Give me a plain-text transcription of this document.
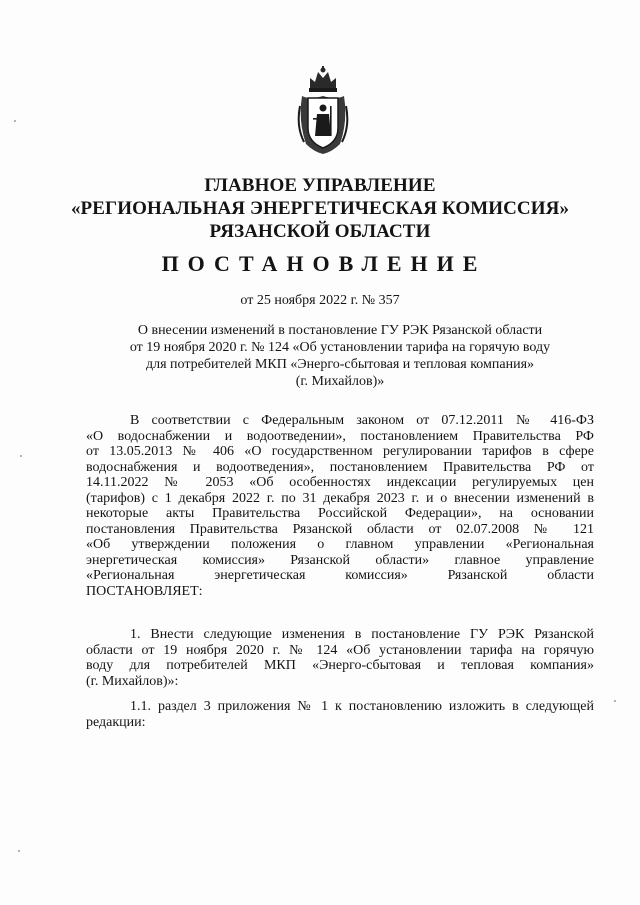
ГЛАВНОЕ УПРАВЛЕНИЕ
«РЕГИОНАЛЬНАЯ ЭНЕРГЕТИЧЕСКАЯ КОМИССИЯ»
РЯЗАНСКОЙ ОБЛАСТИ
ПОСТАНОВЛЕНИЕ
от 25 ноября 2022 г. № 357
О внесении изменений в постановление ГУ РЭК Рязанской области
от 19 ноября 2020 г. № 124 «Об установлении тарифа на горячую воду
для потребителей МКП «Энерго-сбытовая и тепловая компания»
(г. Михайлов)»
В соответствии с Федеральным законом от 07.12.2011 № 416-ФЗ
«О водоснабжении и водоотведении», постановлением Правительства РФ
от 13.05.2013 № 406 «О государственном регулировании тарифов в сфере
водоснабжения и водоотведения», постановлением Правительства РФ от
14.11.2022 № 2053 «Об особенностях индексации регулируемых цен
(тарифов) с 1 декабря 2022 г. по 31 декабря 2023 г. и о внесении изменений в
некоторые акты Правительства Российской Федерации», на основании
постановления Правительства Рязанской области от 02.07.2008 № 121
«Об утверждении положения о главном управлении «Региональная
энергетическая комиссия» Рязанской области» главное управление
«Региональная энергетическая комиссия» Рязанской области
ПОСТАНОВЛЯЕТ:
1. Внести следующие изменения в постановление ГУ РЭК Рязанской
области от 19 ноября 2020 г. № 124 «Об установлении тарифа на горячую
воду для потребителей МКП «Энерго-сбытовая и тепловая компания»
(г. Михайлов)»:
1.1. раздел 3 приложения № 1 к постановлению изложить в следующей
редакции:
